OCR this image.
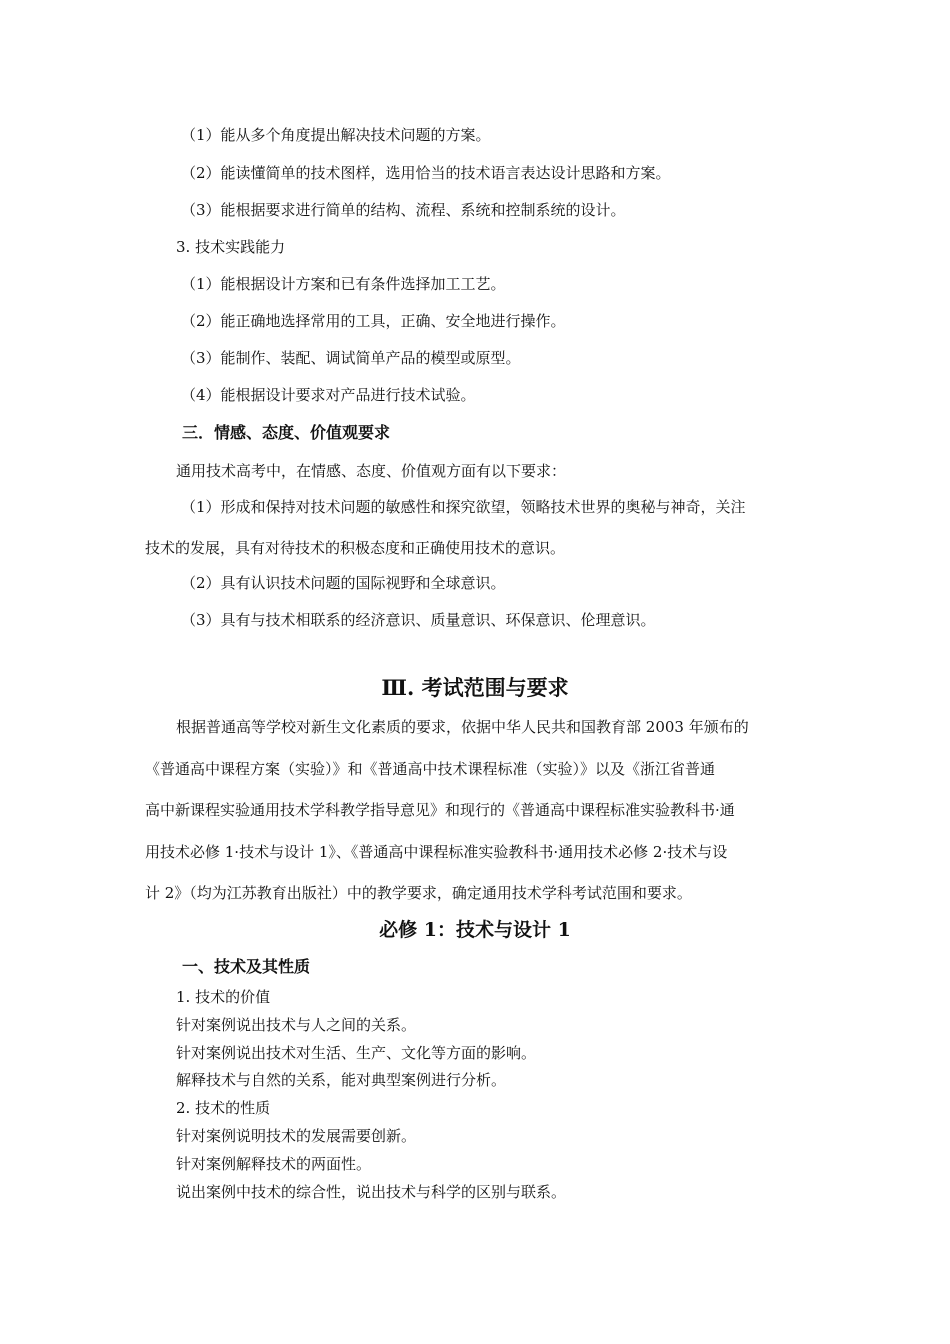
（1）能从多个角度提出解决技术问题的方案。
（2）能读懂简单的技术图样，选用恰当的技术语言表达设计思路和方案。
（3）能根据要求进行简单的结构、流程、系统和控制系统的设计。
3. 技术实践能力
（1）能根据设计方案和已有条件选择加工工艺。
（2）能正确地选择常用的工具，正确、安全地进行操作。
（3）能制作、装配、调试简单产品的模型或原型。
（4）能根据设计要求对产品进行技术试验。
三．情感、态度、价值观要求
通用技术高考中，在情感、态度、价值观方面有以下要求：
（1）形成和保持对技术问题的敏感性和探究欲望，领略技术世界的奥秘与神奇，关注
技术的发展，具有对待技术的积极态度和正确使用技术的意识。
（2）具有认识技术问题的国际视野和全球意识。
（3）具有与技术相联系的经济意识、质量意识、环保意识、伦理意识。
Ⅲ. 考试范围与要求
根据普通高等学校对新生文化素质的要求，依据中华人民共和国教育部 2003 年颁布的
《普通高中课程方案（实验）》和《普通高中技术课程标准（实验）》以及《浙江省普通
高中新课程实验通用技术学科教学指导意见》和现行的《普通高中课程标准实验教科书·通
用技术必修 1·技术与设计 1》、《普通高中课程标准实验教科书·通用技术必修 2·技术与设
计 2》（均为江苏教育出版社）中的教学要求，确定通用技术学科考试范围和要求。
必修 1：技术与设计 1
一、技术及其性质
1. 技术的价值
针对案例说出技术与人之间的关系。
针对案例说出技术对生活、生产、文化等方面的影响。
解释技术与自然的关系，能对典型案例进行分析。
2. 技术的性质
针对案例说明技术的发展需要创新。
针对案例解释技术的两面性。
说出案例中技术的综合性，说出技术与科学的区别与联系。
